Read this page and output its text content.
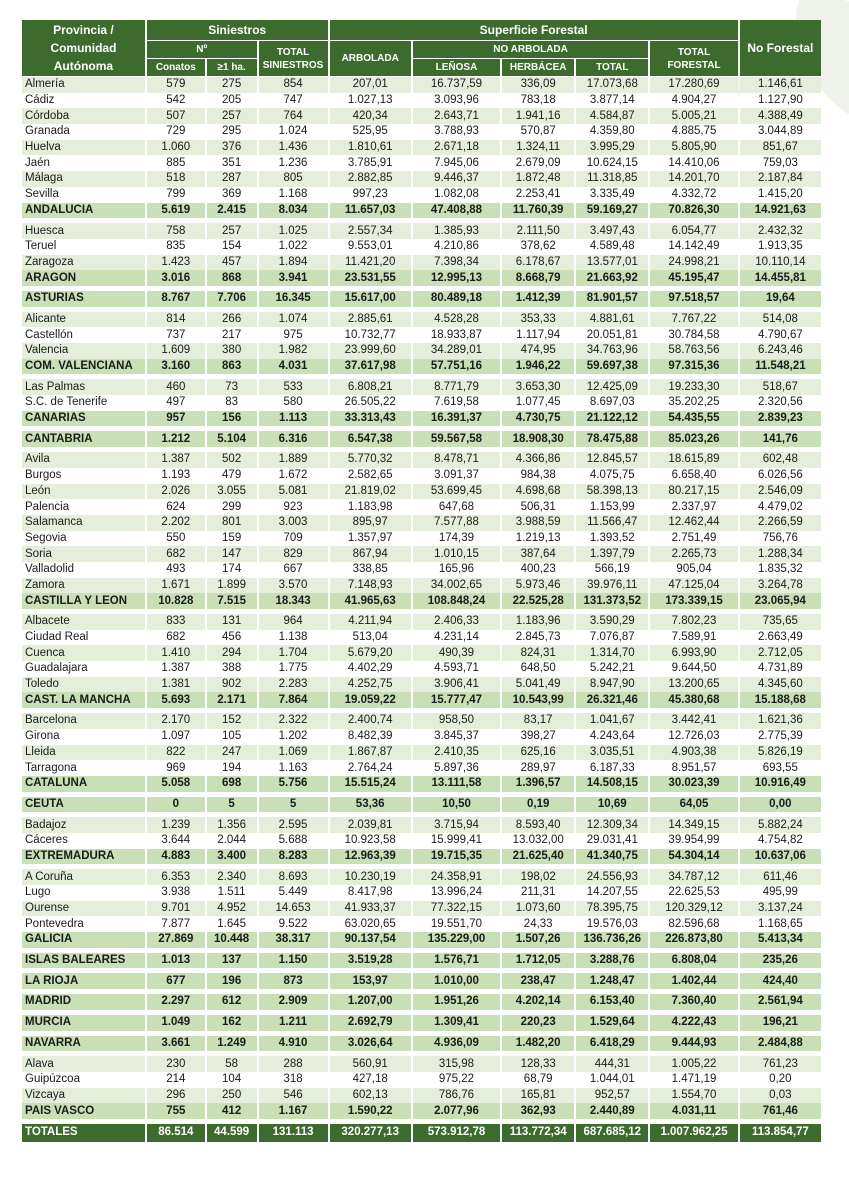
Provincia / Comunidad Autónoma	Siniestros			Superficie Forestal					No Forestal
	Nº		TOTAL SINIESTROS	ARBOLADA	NO ARBOLADA			TOTAL FORESTAL	
	Conatos	≥1 ha.			LEÑOSA	HERBÁCEA	TOTAL		
Almería	579	275	854	207,01	16.737,59	336,09	17.073,68	17.280,69	1.146,61
Cádiz	542	205	747	1.027,13	3.093,96	783,18	3.877,14	4.904,27	1.127,90
Córdoba	507	257	764	420,34	2.643,71	1.941,16	4.584,87	5.005,21	4.388,49
Granada	729	295	1.024	525,95	3.788,93	570,87	4.359,80	4.885,75	3.044,89
Huelva	1.060	376	1.436	1.810,61	2.671,18	1.324,11	3.995,29	5.805,90	851,67
Jaén	885	351	1.236	3.785,91	7.945,06	2.679,09	10.624,15	14.410,06	759,03
Málaga	518	287	805	2.882,85	9.446,37	1.872,48	11.318,85	14.201,70	2.187,84
Sevilla	799	369	1.168	997,23	1.082,08	2.253,41	3.335,49	4.332,72	1.415,20
ANDALUCIA	5.619	2.415	8.034	11.657,03	47.408,88	11.760,39	59.169,27	70.826,30	14.921,63

Huesca	758	257	1.025	2.557,34	1.385,93	2.111,50	3.497,43	6.054,77	2.432,32
Teruel	835	154	1.022	9.553,01	4.210,86	378,62	4.589,48	14.142,49	1.913,35
Zaragoza	1.423	457	1.894	11.421,20	7.398,34	6.178,67	13.577,01	24.998,21	10.110,14
ARAGON	3.016	868	3.941	23.531,55	12.995,13	8.668,79	21.663,92	45.195,47	14.455,81

ASTURIAS	8.767	7.706	16.345	15.617,00	80.489,18	1.412,39	81.901,57	97.518,57	19,64

Alicante	814	266	1.074	2.885,61	4.528,28	353,33	4.881,61	7.767,22	514,08
Castellón	737	217	975	10.732,77	18.933,87	1.117,94	20.051,81	30.784,58	4.790,67
Valencia	1.609	380	1.982	23.999,60	34.289,01	474,95	34.763,96	58.763,56	6.243,46
COM. VALENCIANA	3.160	863	4.031	37.617,98	57.751,16	1.946,22	59.697,38	97.315,36	11.548,21

Las Palmas	460	73	533	6.808,21	8.771,79	3.653,30	12.425,09	19.233,30	518,67
S.C. de Tenerife	497	83	580	26.505,22	7.619,58	1.077,45	8.697,03	35.202,25	2.320,56
CANARIAS	957	156	1.113	33.313,43	16.391,37	4.730,75	21.122,12	54.435,55	2.839,23

CANTABRIA	1.212	5.104	6.316	6.547,38	59.567,58	18.908,30	78.475,88	85.023,26	141,76

Avila	1.387	502	1.889	5.770,32	8.478,71	4.366,86	12.845,57	18.615,89	602,48
Burgos	1.193	479	1.672	2.582,65	3.091,37	984,38	4.075,75	6.658,40	6.026,56
León	2.026	3.055	5.081	21.819,02	53.699,45	4.698,68	58.398,13	80.217,15	2.546,09
Palencia	624	299	923	1.183,98	647,68	506,31	1.153,99	2.337,97	4.479,02
Salamanca	2.202	801	3.003	895,97	7.577,88	3.988,59	11.566,47	12.462,44	2.266,59
Segovia	550	159	709	1.357,97	174,39	1.219,13	1.393,52	2.751,49	756,76
Soria	682	147	829	867,94	1.010,15	387,64	1.397,79	2.265,73	1.288,34
Valladolid	493	174	667	338,85	165,96	400,23	566,19	905,04	1.835,32
Zamora	1.671	1.899	3.570	7.148,93	34.002,65	5.973,46	39.976,11	47.125,04	3.264,78
CASTILLA Y LEON	10.828	7.515	18.343	41.965,63	108.848,24	22.525,28	131.373,52	173.339,15	23.065,94

Albacete	833	131	964	4.211,94	2.406,33	1.183,96	3.590,29	7.802,23	735,65
Ciudad Real	682	456	1.138	513,04	4.231,14	2.845,73	7.076,87	7.589,91	2.663,49
Cuenca	1.410	294	1.704	5.679,20	490,39	824,31	1.314,70	6.993,90	2.712,05
Guadalajara	1.387	388	1.775	4.402,29	4.593,71	648,50	5.242,21	9.644,50	4.731,89
Toledo	1.381	902	2.283	4.252,75	3.906,41	5.041,49	8.947,90	13.200,65	4.345,60
CAST. LA MANCHA	5.693	2.171	7.864	19.059,22	15.777,47	10.543,99	26.321,46	45.380,68	15.188,68

Barcelona	2.170	152	2.322	2.400,74	958,50	83,17	1.041,67	3.442,41	1.621,36
Girona	1.097	105	1.202	8.482,39	3.845,37	398,27	4.243,64	12.726,03	2.775,39
Lleida	822	247	1.069	1.867,87	2.410,35	625,16	3.035,51	4.903,38	5.826,19
Tarragona	969	194	1.163	2.764,24	5.897,36	289,97	6.187,33	8.951,57	693,55
CATALUNA	5.058	698	5.756	15.515,24	13.111,58	1.396,57	14.508,15	30.023,39	10.916,49

CEUTA	0	5	5	53,36	10,50	0,19	10,69	64,05	0,00

Badajoz	1.239	1.356	2.595	2.039,81	3.715,94	8.593,40	12.309,34	14.349,15	5.882,24
Cáceres	3.644	2.044	5.688	10.923,58	15.999,41	13.032,00	29.031,41	39.954,99	4.754,82
EXTREMADURA	4.883	3.400	8.283	12.963,39	19.715,35	21.625,40	41.340,75	54.304,14	10.637,06

A Coruña	6.353	2.340	8.693	10.230,19	24.358,91	198,02	24.556,93	34.787,12	611,46
Lugo	3.938	1.511	5.449	8.417,98	13.996,24	211,31	14.207,55	22.625,53	495,99
Ourense	9.701	4.952	14.653	41.933,37	77.322,15	1.073,60	78.395,75	120.329,12	3.137,24
Pontevedra	7.877	1.645	9.522	63.020,65	19.551,70	24,33	19.576,03	82.596,68	1.168,65
GALICIA	27.869	10.448	38.317	90.137,54	135.229,00	1.507,26	136.736,26	226.873,80	5.413,34

ISLAS BALEARES	1.013	137	1.150	3.519,28	1.576,71	1.712,05	3.288,76	6.808,04	235,26

LA RIOJA	677	196	873	153,97	1.010,00	238,47	1.248,47	1.402,44	424,40

MADRID	2.297	612	2.909	1.207,00	1.951,26	4.202,14	6.153,40	7.360,40	2.561,94

MURCIA	1.049	162	1.211	2.692,79	1.309,41	220,23	1.529,64	4.222,43	196,21

NAVARRA	3.661	1.249	4.910	3.026,64	4.936,09	1.482,20	6.418,29	9.444,93	2.484,88

Alava	230	58	288	560,91	315,98	128,33	444,31	1.005,22	761,23
Guipúzcoa	214	104	318	427,18	975,22	68,79	1.044,01	1.471,19	0,20
Vizcaya	296	250	546	602,13	786,76	165,81	952,57	1.554,70	0,03
PAIS VASCO	755	412	1.167	1.590,22	2.077,96	362,93	2.440,89	4.031,11	761,46

TOTALES	86.514	44.599	131.113	320.277,13	573.912,78	113.772,34	687.685,12	1.007.962,25	113.854,77
